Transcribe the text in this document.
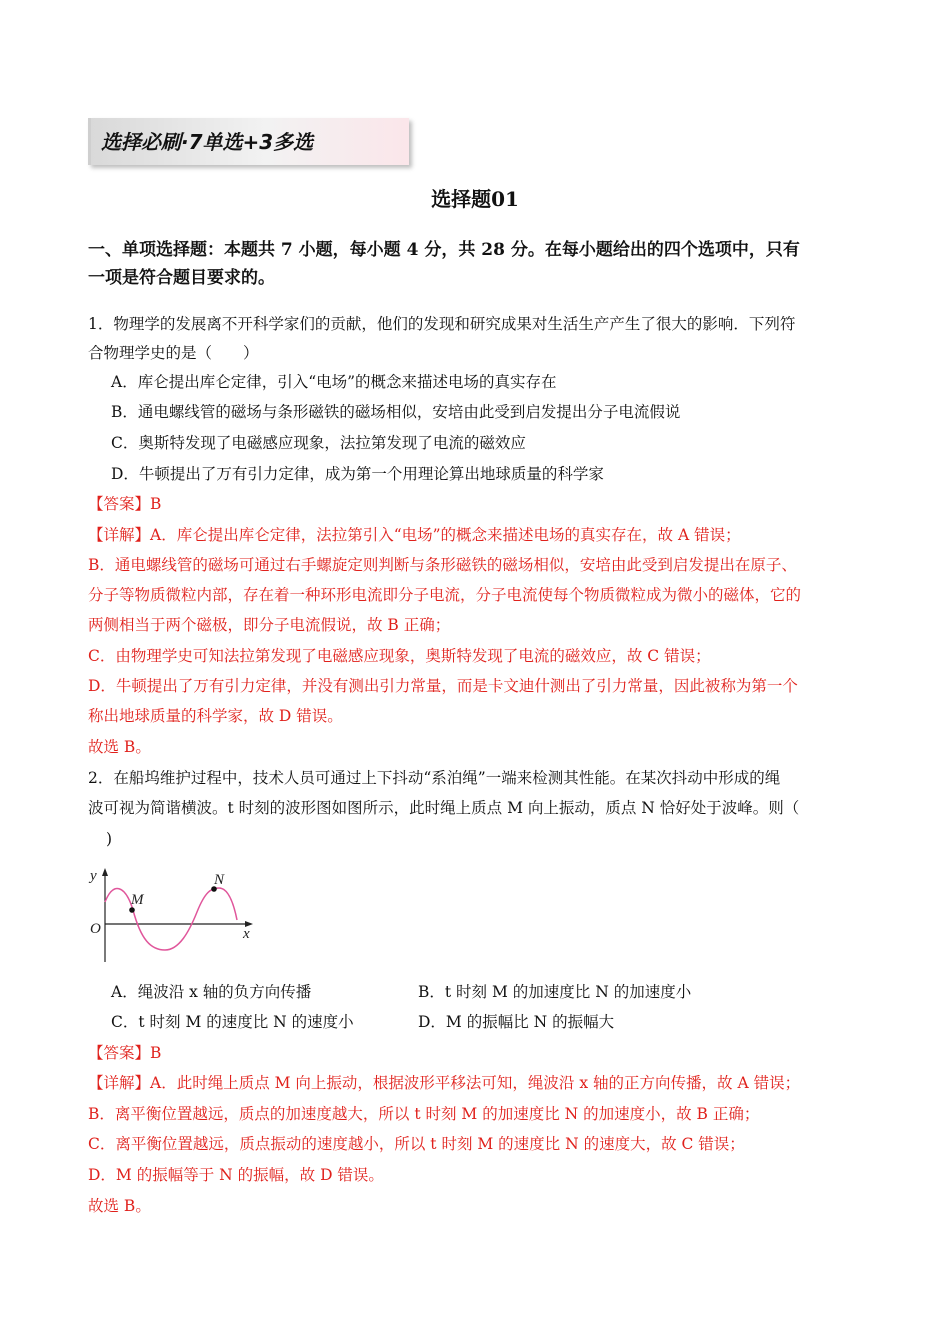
选择必刷·7单选+3多选
选择题01
一、单项选择题：本题共 7 小题，每小题 4 分，共 28 分。在每小题给出的四个选项中，只有
一项是符合题目要求的。
1．物理学的发展离不开科学家们的贡献，他们的发现和研究成果对生活生产产生了很大的影响．下列符
合物理学史的是（　　）
A．库仑提出库仑定律，引入“电场”的概念来描述电场的真实存在
B．通电螺线管的磁场与条形磁铁的磁场相似，安培由此受到启发提出分子电流假说
C．奥斯特发现了电磁感应现象，法拉第发现了电流的磁效应
D．牛顿提出了万有引力定律，成为第一个用理论算出地球质量的科学家
【答案】B
【详解】A．库仑提出库仑定律，法拉第引入“电场”的概念来描述电场的真实存在，故 A 错误；
B．通电螺线管的磁场可通过右手螺旋定则判断与条形磁铁的磁场相似，安培由此受到启发提出在原子、
分子等物质微粒内部，存在着一种环形电流即分子电流，分子电流使每个物质微粒成为微小的磁体，它的
两侧相当于两个磁极，即分子电流假说，故 B 正确；
C．由物理学史可知法拉第发现了电磁感应现象，奥斯特发现了电流的磁效应，故 C 错误；
D．牛顿提出了万有引力定律，并没有测出引力常量，而是卡文迪什测出了引力常量，因此被称为第一个
称出地球质量的科学家，故 D 错误。
故选 B。
2．在船坞维护过程中，技术人员可通过上下抖动“系泊绳”一端来检测其性能。在某次抖动中形成的绳
波可视为简谐横波。t 时刻的波形图如图所示，此时绳上质点 M 向上振动，质点 N 恰好处于波峰。则（
)
y
x
O
M
N
A．绳波沿 x 轴的负方向传播	B．t 时刻 M 的加速度比 N 的加速度小
C．t 时刻 M 的速度比 N 的速度小	D．M 的振幅比 N 的振幅大
【答案】B
【详解】A．此时绳上质点 M 向上振动，根据波形平移法可知，绳波沿 x 轴的正方向传播，故 A 错误；
B．离平衡位置越远，质点的加速度越大，所以 t 时刻 M 的加速度比 N 的加速度小，故 B 正确；
C．离平衡位置越远，质点振动的速度越小，所以 t 时刻 M 的速度比 N 的速度大，故 C 错误；
D．M 的振幅等于 N 的振幅，故 D 错误。
故选 B。
